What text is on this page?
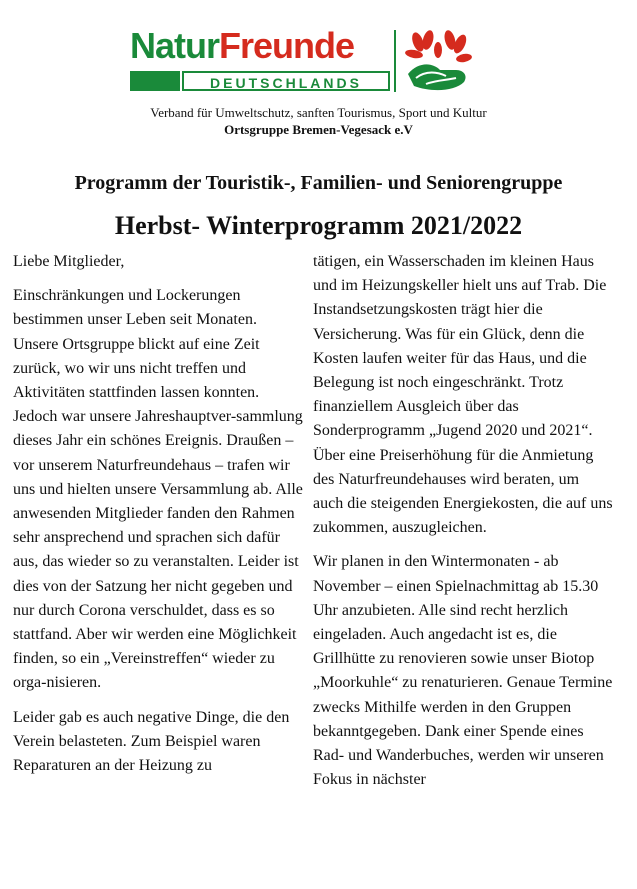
NaturFreunde
DEUTSCHLANDS
Verband für Umweltschutz, sanften Tourismus, Sport und Kultur
Ortsgruppe Bremen-Vegesack e.V
Programm der Touristik-, Familien- und Seniorengruppe
Herbst- Winterprogramm 2021/2022

Liebe Mitglieder,

Einschränkungen und Lockerungen bestimmen unser Leben seit Monaten. Unsere Ortsgruppe blickt auf eine Zeit zurück, wo wir uns nicht treffen und Aktivitäten stattfinden lassen konnten. Jedoch war unsere Jahreshauptver-sammlung dieses Jahr ein schönes Ereignis. Draußen – vor unserem Naturfreundehaus – trafen wir uns und hielten unsere Versammlung ab. Alle anwesenden Mitglieder fanden den Rahmen sehr ansprechend und sprachen sich dafür aus, das wieder so zu veranstalten. Leider ist dies von der Satzung her nicht gegeben und nur durch Corona verschuldet, dass es so stattfand. Aber wir werden eine Möglichkeit finden, so ein „Vereinstreffen“ wieder zu orga-nisieren.

Leider gab es auch negative Dinge, die den Verein belasteten. Zum Beispiel waren Reparaturen an der Heizung zu

tätigen, ein Wasserschaden im kleinen Haus und im Heizungskeller hielt uns auf Trab. Die Instandsetzungskosten trägt hier die Versicherung. Was für ein Glück, denn die Kosten laufen weiter für das Haus, und die Belegung ist noch eingeschränkt. Trotz finanziellem Ausgleich über das Sonderprogramm „Jugend 2020 und 2021“. Über eine Preiserhöhung für die Anmietung des Naturfreundehauses wird beraten, um auch die steigenden Energiekosten, die auf uns zukommen, auszugleichen.

Wir planen in den Wintermonaten - ab November – einen Spielnachmittag ab 15.30 Uhr anzubieten. Alle sind recht herzlich eingeladen. Auch angedacht ist es, die Grillhütte zu renovieren sowie unser Biotop „Moorkuhle“ zu renaturieren. Genaue Termine zwecks Mithilfe werden in den Gruppen bekanntgegeben. Dank einer Spende eines Rad- und Wanderbuches, werden wir unseren Fokus in nächster
